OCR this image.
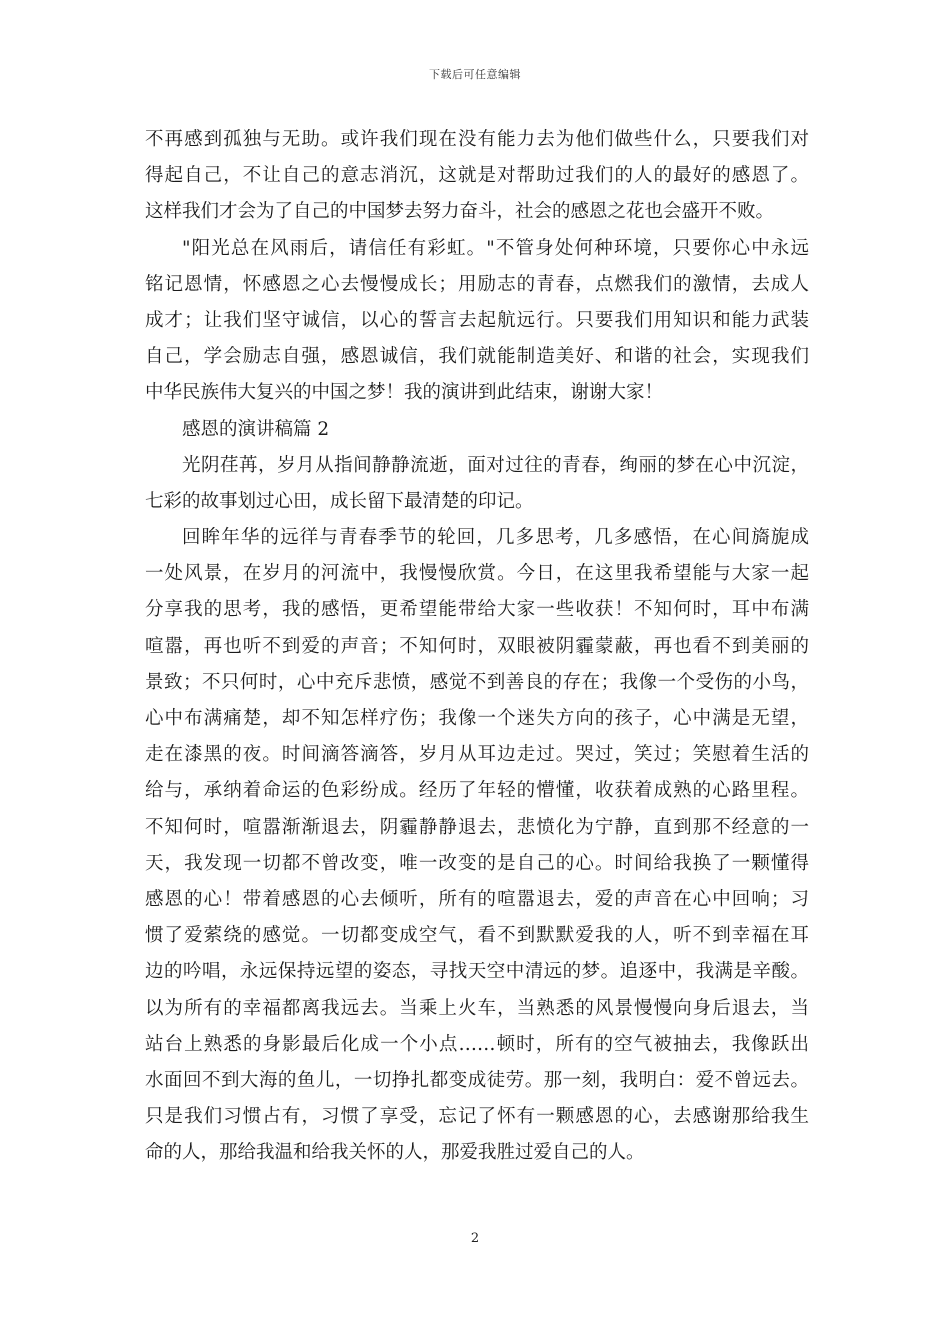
下载后可任意编辑
不再感到孤独与无助。或许我们现在没有能力去为他们做些什么，只要我们对
得起自己，不让自己的意志消沉，这就是对帮助过我们的人的最好的感恩了。
这样我们才会为了自己的中国梦去努力奋斗，社会的感恩之花也会盛开不败。
"阳光总在风雨后，请信任有彩虹。"不管身处何种环境，只要你心中永远
铭记恩情，怀感恩之心去慢慢成长；用励志的青春，点燃我们的激情，去成人
成才；让我们坚守诚信，以心的誓言去起航远行。只要我们用知识和能力武装
自己，学会励志自强，感恩诚信，我们就能制造美好、和谐的社会，实现我们
中华民族伟大复兴的中国之梦！我的演讲到此结束，谢谢大家！
感恩的演讲稿篇 2
光阴荏苒，岁月从指间静静流逝，面对过往的青春，绚丽的梦在心中沉淀，
七彩的故事划过心田，成长留下最清楚的印记。
回眸年华的远徉与青春季节的轮回，几多思考，几多感悟，在心间旖旎成
一处风景，在岁月的河流中，我慢慢欣赏。今日，在这里我希望能与大家一起
分享我的思考，我的感悟，更希望能带给大家一些收获！不知何时，耳中布满
喧嚣，再也听不到爱的声音；不知何时，双眼被阴霾蒙蔽，再也看不到美丽的
景致；不只何时，心中充斥悲愤，感觉不到善良的存在；我像一个受伤的小鸟，
心中布满痛楚，却不知怎样疗伤；我像一个迷失方向的孩子，心中满是无望，
走在漆黑的夜。时间滴答滴答，岁月从耳边走过。哭过，笑过；笑慰着生活的
给与，承纳着命运的色彩纷成。经历了年轻的懵懂，收获着成熟的心路里程。
不知何时，喧嚣渐渐退去，阴霾静静退去，悲愤化为宁静，直到那不经意的一
天，我发现一切都不曾改变，唯一改变的是自己的心。时间给我换了一颗懂得
感恩的心！带着感恩的心去倾听，所有的喧嚣退去，爱的声音在心中回响；习
惯了爱萦绕的感觉。一切都变成空气，看不到默默爱我的人，听不到幸福在耳
边的吟唱，永远保持远望的姿态，寻找天空中清远的梦。追逐中，我满是辛酸。
以为所有的幸福都离我远去。当乘上火车，当熟悉的风景慢慢向身后退去，当
站台上熟悉的身影最后化成一个小点……顿时，所有的空气被抽去，我像跃出
水面回不到大海的鱼儿，一切挣扎都变成徒劳。那一刻，我明白：爱不曾远去。
只是我们习惯占有，习惯了享受，忘记了怀有一颗感恩的心，去感谢那给我生
命的人，那给我温和给我关怀的人，那爱我胜过爱自己的人。
2
